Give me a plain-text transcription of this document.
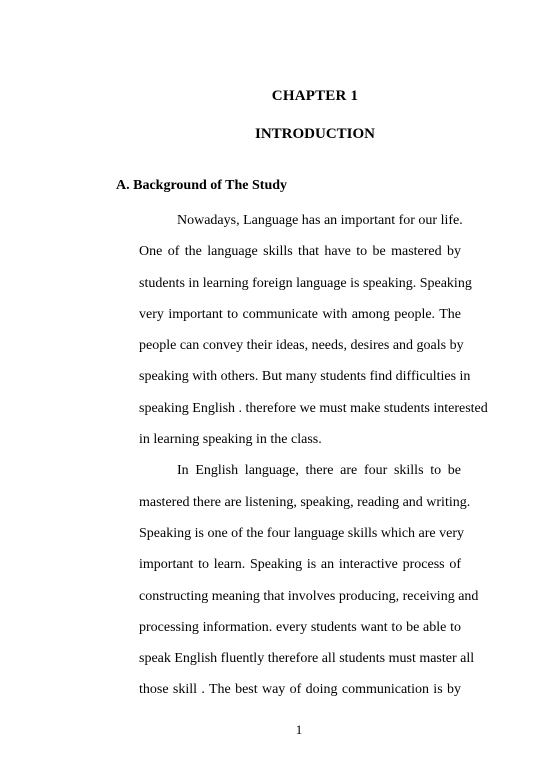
CHAPTER 1
INTRODUCTION
A. Background of The Study
Nowadays, Language has an important for our life.
One of the language skills that have to be mastered by
students in learning foreign language is speaking. Speaking
very important to communicate with among people. The
people can convey their ideas, needs, desires and goals by
speaking with others. But many students find difficulties in
speaking English . therefore we must make students interested
in learning speaking in the class.
In English language, there are four skills to be
mastered there are listening, speaking, reading and writing.
Speaking is one of the four language skills which are very
important to learn. Speaking is an interactive process of
constructing meaning that involves producing, receiving and
processing information. every students want to be able to
speak English fluently therefore all students must master all
those skill . The best way of doing communication is by
1
